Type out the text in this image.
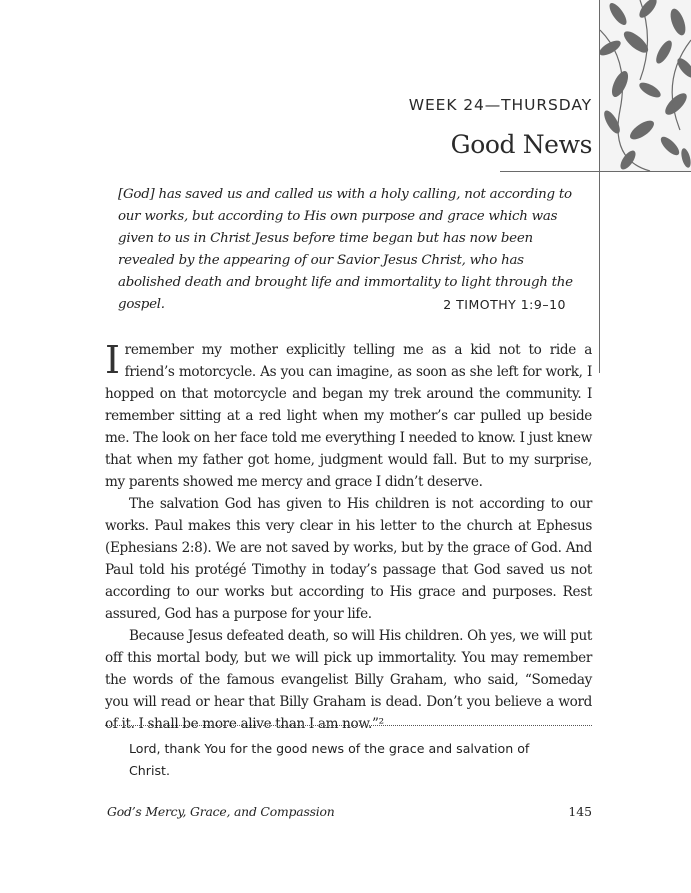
WEEK 24—THURSDAY
Good News

[God] has saved us and called us with a holy calling, not according to our works, but according to His own purpose and grace which was given to us in Christ Jesus before time began but has now been revealed by the appearing of our Savior Jesus Christ, who has abolished death and brought life and immortality to light through the gospel.	2 TIMOTHY 1:9–10

Iremember my mother explicitly telling me as a kid not to ride a friend’s motorcycle. As you can imagine, as soon as she left for work, I hopped on that motorcycle and began my trek around the community. I remember sitting at a red light when my mother’s car pulled up beside me. The look on her face told me everything I needed to know. I just knew that when my father got home, judgment would fall. But to my surprise, my parents showed me mercy and grace I didn’t deserve.

The salvation God has given to His children is not according to our works. Paul makes this very clear in his letter to the church at Ephesus (Ephesians 2:8). We are not saved by works, but by the grace of God. And Paul told his protégé Timothy in today’s passage that God saved us not according to our works but according to His grace and purposes. Rest assured, God has a purpose for your life.

Because Jesus defeated death, so will His children. Oh yes, we will put off this mortal body, but we will pick up immortality. You may remember the words of the famous evangelist Billy Graham, who said, “Someday you will read or hear that Billy Graham is dead. Don’t you believe a word of it. I shall be more alive than I am now.”²

Lord, thank You for the good news of the grace and salvation of Christ.

God’s Mercy, Grace, and Compassion	145
